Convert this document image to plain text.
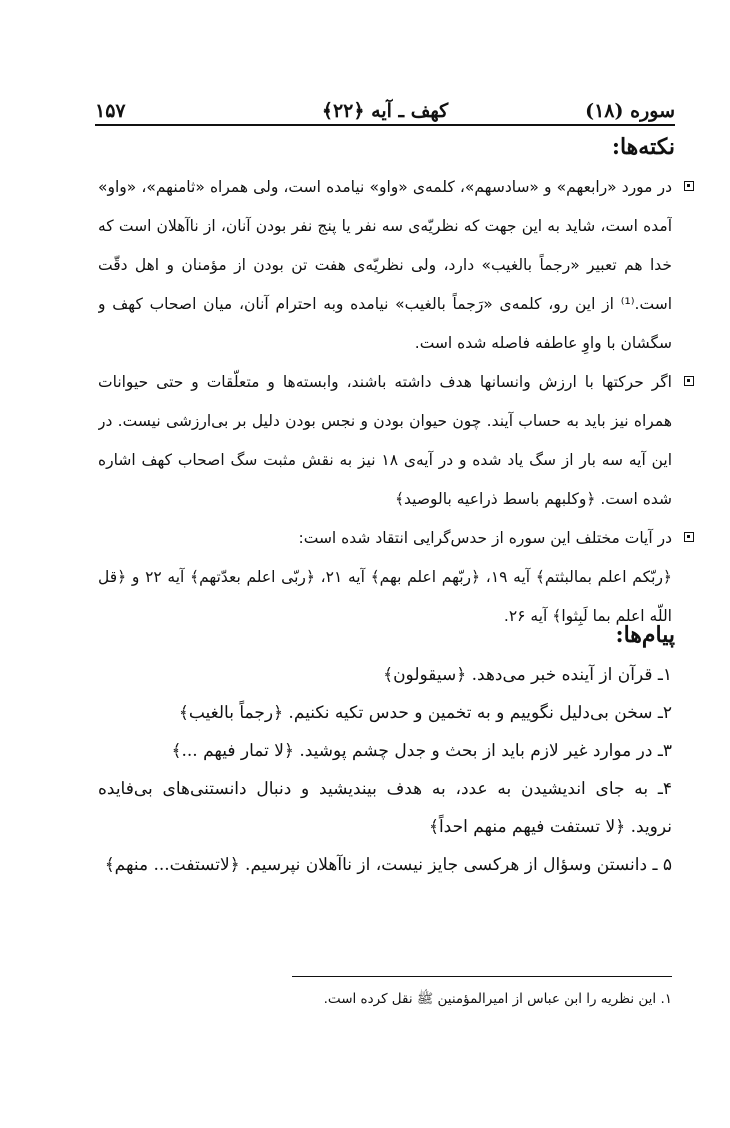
سوره (۱۸)
کهف ـ آیه ﴿۲۲﴾
۱۵۷
نکته‌ها:
در مورد «رابعهم» و «سادسهم»، کلمه‌ی «واو» نیامده است، ولی همراه «ثامنهم»، «واو»
آمده است، شاید به این جهت که نظریّه‌ی سه نفر یا پنج نفر بودن آنان، از ناآهلان است که
خدا هم تعبیر «رجماً بالغیب» دارد، ولی نظریّه‌ی هفت تن بودن از مؤمنان و اهل دقّت
است.⁽¹⁾ از این رو، کلمه‌ی «رَجماً بالغیب» نیامده وبه احترام آنان، میان اصحاب کهف و
سگشان با واوِ عاطفه فاصله شده است.
اگر حرکتها با ارزش وانسانها هدف داشته باشند، وابسته‌ها و متعلّقات و حتی حیوانات
همراه نیز باید به حساب آیند. چون حیوان بودن و نجس بودن دلیل بر بی‌ارزشی نیست. در
این آیه سه بار از سگ یاد شده و در آیه‌ی ۱۸ نیز به نقش مثبت سگ اصحاب کهف اشاره
شده است. ﴿وکلبهم باسط ذراعیه بالوصید﴾
در آیات مختلف این سوره از حدس‌گرایی انتقاد شده است:
﴿ربّکم اعلم بمالبثتم﴾ آیه ۱۹، ﴿ربّهم اعلم بهم﴾ آیه ۲۱، ﴿ربّی اعلم بعدّتهم﴾ آیه ۲۲ و ﴿قل
اللّه اعلم بما لَبِثوا﴾ آیه ۲۶.
پیام‌ها:
۱ـ قرآن از آینده خبر می‌دهد. ﴿سیقولون﴾
۲ـ سخن بی‌دلیل نگوییم و به تخمین و حدس تکیه نکنیم. ﴿رجماً بالغیب﴾
۳ـ در موارد غیر لازم باید از بحث و جدل چشم پوشید. ﴿لا تمار فیهم ...﴾
۴ـ به جای اندیشیدن به عدد، به هدف بیندیشید و دنبال دانستنی‌های بی‌فایده
نروید. ﴿لا تستفت فیهم منهم احداً﴾
۵ ـ دانستن وسؤال از هرکسی جایز نیست، از ناآهلان نپرسیم. ﴿لاتستفت... منهم﴾
۱. این نظریه را ابن عباس از امیرالمؤمنین ﷺ نقل کرده است.
